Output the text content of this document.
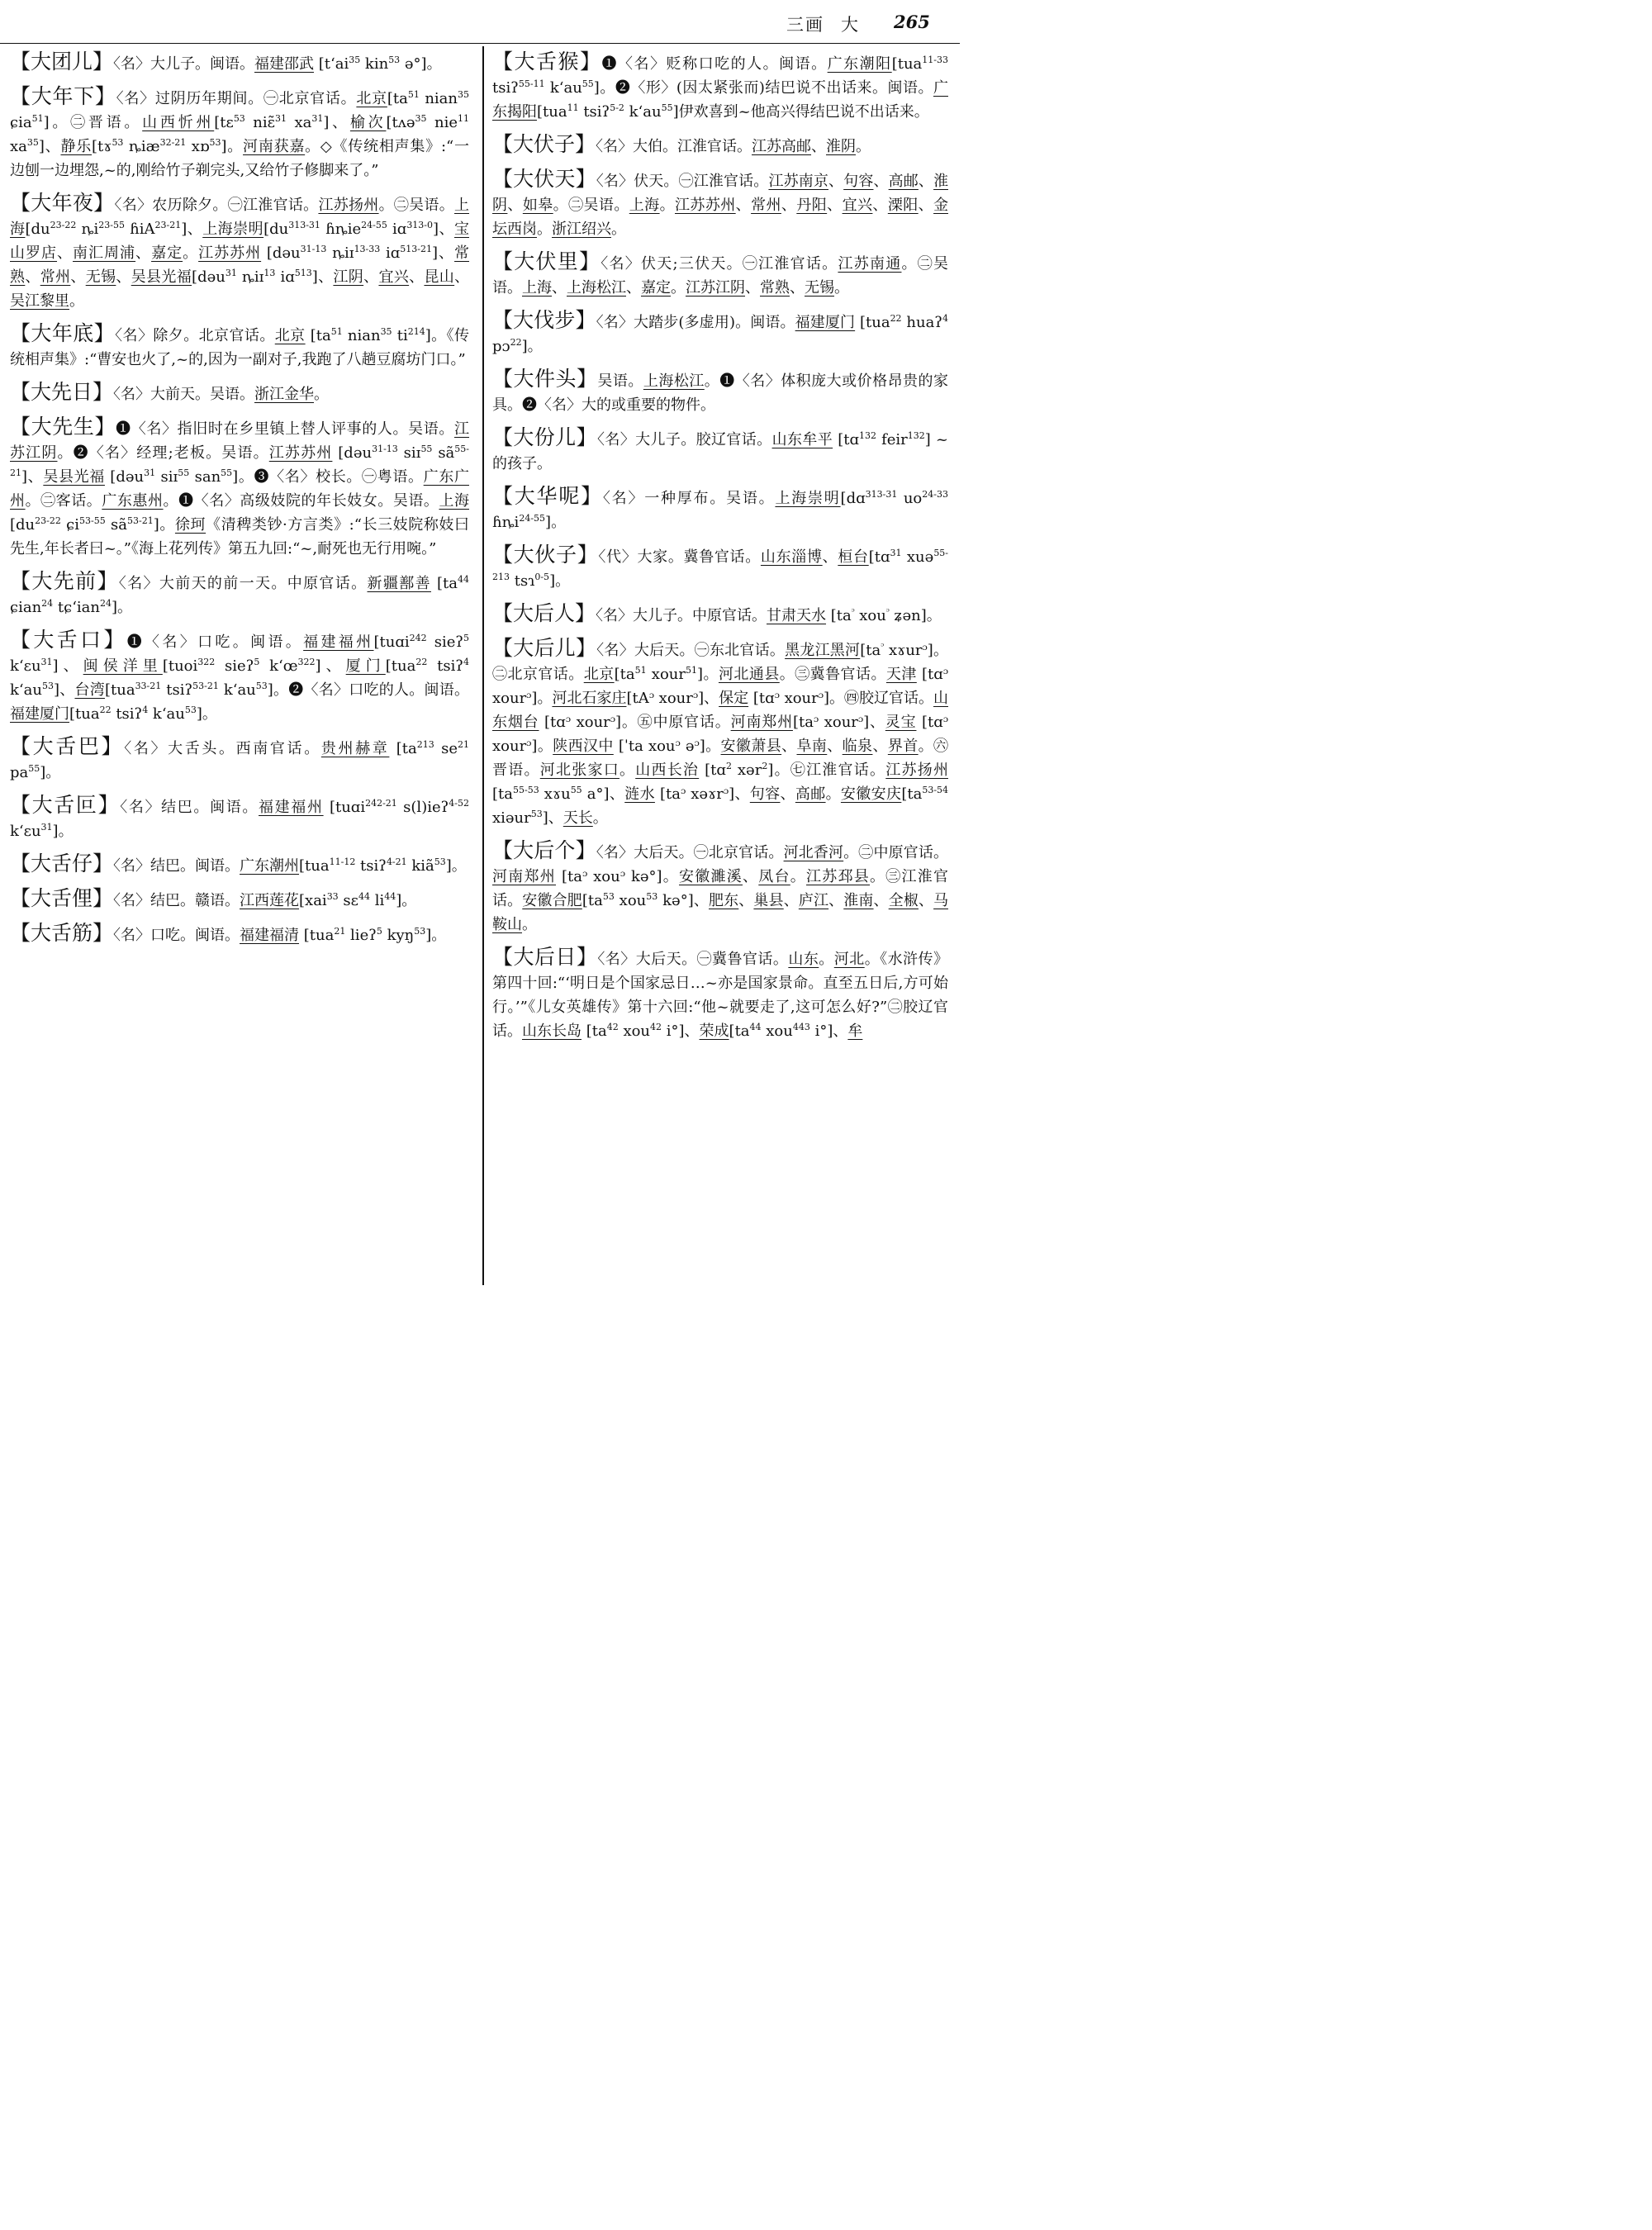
三画 大 265

【大团儿】〈名〉大儿子。闽语。福建邵武 [$t‘ai^{35}$ kin$^{53}$ ə°]。

【大年下】〈名〉过阴历年期间。㊀北京官话。北京[$ta^{51}$ nian$^{35}$ ɕia$^{51}$]。㊁晋语。山西忻州[tɛ$^{53}$ niɛ̃$^{31}$ $xa^{31}$]、榆次[tʌə$^{35}$ nie$^{11}$ $xa^{35}$]、静乐[tɤ$^{53}$ ȵiæ$^{32-21}$ xɒ$^{53}$]。河南获嘉。◇《传统相声集》:“一边刨一边埋怨,~的,刚给竹子剃完头,又给竹子修脚来了。”

【大年夜】〈名〉农历除夕。㊀江淮官话。江苏扬州。㊁吴语。上海[$du^{23-22}$ $ȵi^{23-55}$ ɦiA$^{23-21}$]、上海崇明[$du^{313-31}$ ɦȵie$^{24-55}$ iɑ$^{313-0}$]、宝山罗店、南汇周浦、嘉定。江苏苏州 [dəu$^{31-13}$ ȵiɪ$^{13-33}$ iɑ$^{513-21}$]、常熟、常州、无锡、吴县光福[dəu$^{31}$ ȵiɪ$^{13}$ iɑ$^{513}$]、江阴、宜兴、昆山、吴江黎里。

【大年底】〈名〉除夕。北京官话。北京 [$ta^{51}$ nian$^{35}$ $ti^{214}$]。《传统相声集》:“曹安也火了,~的,因为一副对子,我跑了八趟豆腐坊门口。”

【大先日】〈名〉大前天。吴语。浙江金华。

【大先生】❶〈名〉指旧时在乡里镇上替人评事的人。吴语。江苏江阴。❷〈名〉经理;老板。吴语。江苏苏州 [dəu$^{31-13}$ siɪ$^{55}$ $sã^{55-21}$]、吴县光福 [dəu$^{31}$ siɪ$^{55}$ san$^{55}$]。❸〈名〉校长。㊀粤语。广东广州。㊁客话。广东惠州。❶〈名〉高级妓院的年长妓女。吴语。上海[$du^{23-22}$ ɕi$^{53-55}$ $sã^{53-21}$]。徐珂《清稗类钞·方言类》:“长三妓院称妓曰先生,年长者曰~。”《海上花列传》第五九回:“~,耐死也无行用啘。”

【大先前】〈名〉大前天的前一天。中原官话。新疆鄯善 [$ta^{44}$ ɕian$^{24}$ tɕ‘ian$^{24}$]。

【大舌口】❶〈名〉口吃。闽语。福建福州[tuɑi$^{242}$ sieʔ$^5$ k‘ɛu$^{31}$]、闽侯洋里[tuoi$^{322}$ sieʔ$^5$ $k‘œ^{322}$]、厦门[tua$^{22}$ tsiʔ$^4$ $k‘au^{53}$]、台湾[tua$^{33-21}$ tsiʔ$^{53-21}$ $k‘au^{53}$]。❷〈名〉口吃的人。闽语。福建厦门[tua$^{22}$ tsiʔ$^4$ $k‘au^{53}$]。

【大舌巴】〈名〉大舌头。西南官话。贵州赫章 [$ta^{213}$ $se^{21}$ $pa^{55}$]。

【大舌叵】〈名〉结巴。闽语。福建福州 [tuɑi$^{242-21}$ s(l)ieʔ$^{4-52}$ k‘ɛu$^{31}$]。

【大舌仔】〈名〉结巴。闽语。广东潮州[tua$^{11-12}$ tsiʔ$^{4-21}$ kiã$^{53}$]。

【大舌俚】〈名〉结巴。赣语。江西莲花[xai$^{33}$ sɛ$^{44}$ $li^{44}$]。

【大舌筋】〈名〉口吃。闽语。福建福清 [tua$^{21}$ lieʔ$^5$ kyŋ$^{53}$]。

【大舌猴】❶〈名〉贬称口吃的人。闽语。广东潮阳[tua$^{11-33}$ tsiʔ$^{55-11}$ $k‘au^{55}$]。❷〈形〉(因太紧张而)结巴说不出话来。闽语。广东揭阳[tua$^{11}$ tsiʔ$^{5-2}$ $k‘au^{55}$]伊欢喜到~他高兴得结巴说不出话来。

【大伏子】〈名〉大伯。江淮官话。江苏高邮、淮阴。

【大伏天】〈名〉伏天。㊀江淮官话。江苏南京、句容、高邮、淮阴、如皋。㊁吴语。上海。江苏苏州、常州、丹阳、宜兴、溧阳、金坛西岗。浙江绍兴。

【大伏里】〈名〉伏天;三伏天。㊀江淮官话。江苏南通。㊁吴语。上海、上海松江、嘉定。江苏江阴、常熟、无锡。

【大伐步】〈名〉大踏步(多虚用)。闽语。福建厦门 [tua$^{22}$ huaʔ$^4$ pɔ$^{22}$]。

【大件头】吴语。上海松江。❶〈名〉体积庞大或价格昂贵的家具。❷〈名〉大的或重要的物件。

【大份儿】〈名〉大儿子。胶辽官话。山东牟平 [tɑ$^{132}$ feir$^{132}$] ~的孩子。

【大华呢】〈名〉一种厚布。吴语。上海崇明[dɑ$^{313-31}$ $uo^{24-33}$ ɦȵi$^{24-55}$]。

【大伙子】〈代〉大家。冀鲁官话。山东淄博、桓台[tɑ$^{31}$ xuə$^{55-213}$ tsɿ$^{0-5}$]。

【大后人】〈名〉大儿子。中原官话。甘肃天水 [$ta^ᵓ$ xou$^ᵓ$ ʑən]。

【大后儿】〈名〉大后天。㊀东北官话。黑龙江黑河[$ta^ᵓ$ xɤurᵓ]。㊁北京官话。北京[$ta^{51}$ xour$^{51}$]。河北通县。㊂冀鲁官话。天津 [tɑᵓ xourᵓ]。河北石家庄[tAᵓ xourᵓ]、保定 [tɑᵓ xourᵓ]。㊃胶辽官话。山东烟台 [tɑᵓ xourᵓ]。㊄中原官话。河南郑州[taᵓ xourᵓ]、灵宝 [tɑᵓ xourᵓ]。陕西汉中 [ˈta xouᵓ əᵓ]。安徽萧县、阜南、临泉、界首。㊅晋语。河北张家口。山西长治 [tɑ$^2$ xər$^2$]。㊆江淮官话。江苏扬州 [$ta^{55-53}$ xɤu$^{55}$ a°]、涟水 [taᵓ xəɤrᵓ]、句容、高邮。安徽安庆[$ta^{53-54}$ xiəur$^{53}$]、天长。

【大后个】〈名〉大后天。㊀北京官话。河北香河。㊁中原官话。河南郑州 [taᵓ xouᵓ kə°]。安徽濉溪、凤台。江苏邳县。㊂江淮官话。安徽合肥[$ta^{53}$ xou$^{53}$ kə°]、肥东、巢县、庐江、淮南、全椒、马鞍山。

【大后日】〈名〉大后天。㊀冀鲁官话。山东。河北。《水浒传》第四十回:“‘明日是个国家忌日…~亦是国家景命。直至五日后,方可始行。’”《儿女英雄传》第十六回:“他~就要走了,这可怎么好?”㊁胶辽官话。山东长岛 [$ta^{42}$ xou$^{42}$ i°]、荣成[$ta^{44}$ xou$^{443}$ i°]、牟
